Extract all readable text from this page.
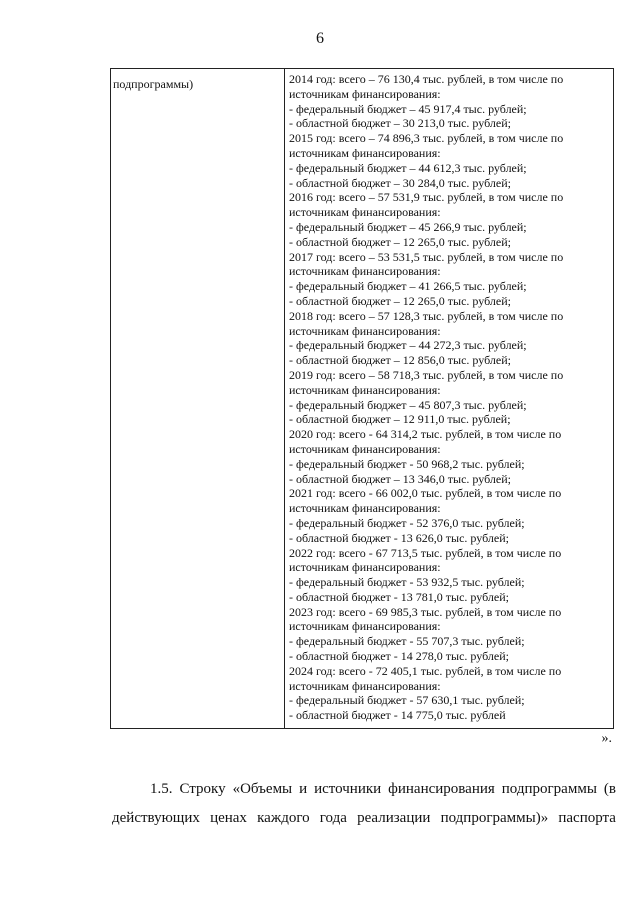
6
подпрограммы)	2014 год: всего – 76 130,4 тыс. рублей, в том числе по
источникам финансирования:
- федеральный бюджет – 45 917,4 тыс. рублей;
- областной бюджет – 30 213,0 тыс. рублей;
2015 год: всего – 74 896,3 тыс. рублей, в том числе по
источникам финансирования:
- федеральный бюджет – 44 612,3 тыс. рублей;
- областной бюджет – 30 284,0 тыс. рублей;
2016 год: всего – 57 531,9 тыс. рублей, в том числе по
источникам финансирования:
- федеральный бюджет – 45 266,9 тыс. рублей;
- областной бюджет – 12 265,0 тыс. рублей;
2017 год: всего – 53 531,5 тыс. рублей, в том числе по
источникам финансирования:
- федеральный бюджет – 41 266,5 тыс. рублей;
- областной бюджет – 12 265,0 тыс. рублей;
2018 год: всего – 57 128,3 тыс. рублей, в том числе по
источникам финансирования:
- федеральный бюджет – 44 272,3 тыс. рублей;
- областной бюджет – 12 856,0 тыс. рублей;
2019 год: всего – 58 718,3 тыс. рублей, в том числе по
источникам финансирования:
- федеральный бюджет – 45 807,3 тыс. рублей;
- областной бюджет – 12 911,0 тыс. рублей;
2020 год: всего - 64 314,2 тыс. рублей, в том числе по
источникам финансирования:
- федеральный бюджет - 50 968,2 тыс. рублей;
- областной бюджет – 13 346,0 тыс. рублей;
2021 год: всего - 66 002,0 тыс. рублей, в том числе по
источникам финансирования:
- федеральный бюджет - 52 376,0 тыс. рублей;
- областной бюджет - 13 626,0 тыс. рублей;
2022 год: всего - 67 713,5 тыс. рублей, в том числе по
источникам финансирования:
- федеральный бюджет - 53 932,5 тыс. рублей;
- областной бюджет - 13 781,0 тыс. рублей;
2023 год: всего - 69 985,3 тыс. рублей, в том числе по
источникам финансирования:
- федеральный бюджет - 55 707,3 тыс. рублей;
- областной бюджет - 14 278,0 тыс. рублей;
2024 год: всего - 72 405,1 тыс. рублей, в том числе по
источникам финансирования:
- федеральный бюджет - 57 630,1 тыс. рублей;
- областной бюджет - 14 775,0 тыс. рублей
».
1.5. Строку «Объемы и источники финансирования подпрограммы (в
действующих ценах каждого года реализации подпрограммы)» паспорта
